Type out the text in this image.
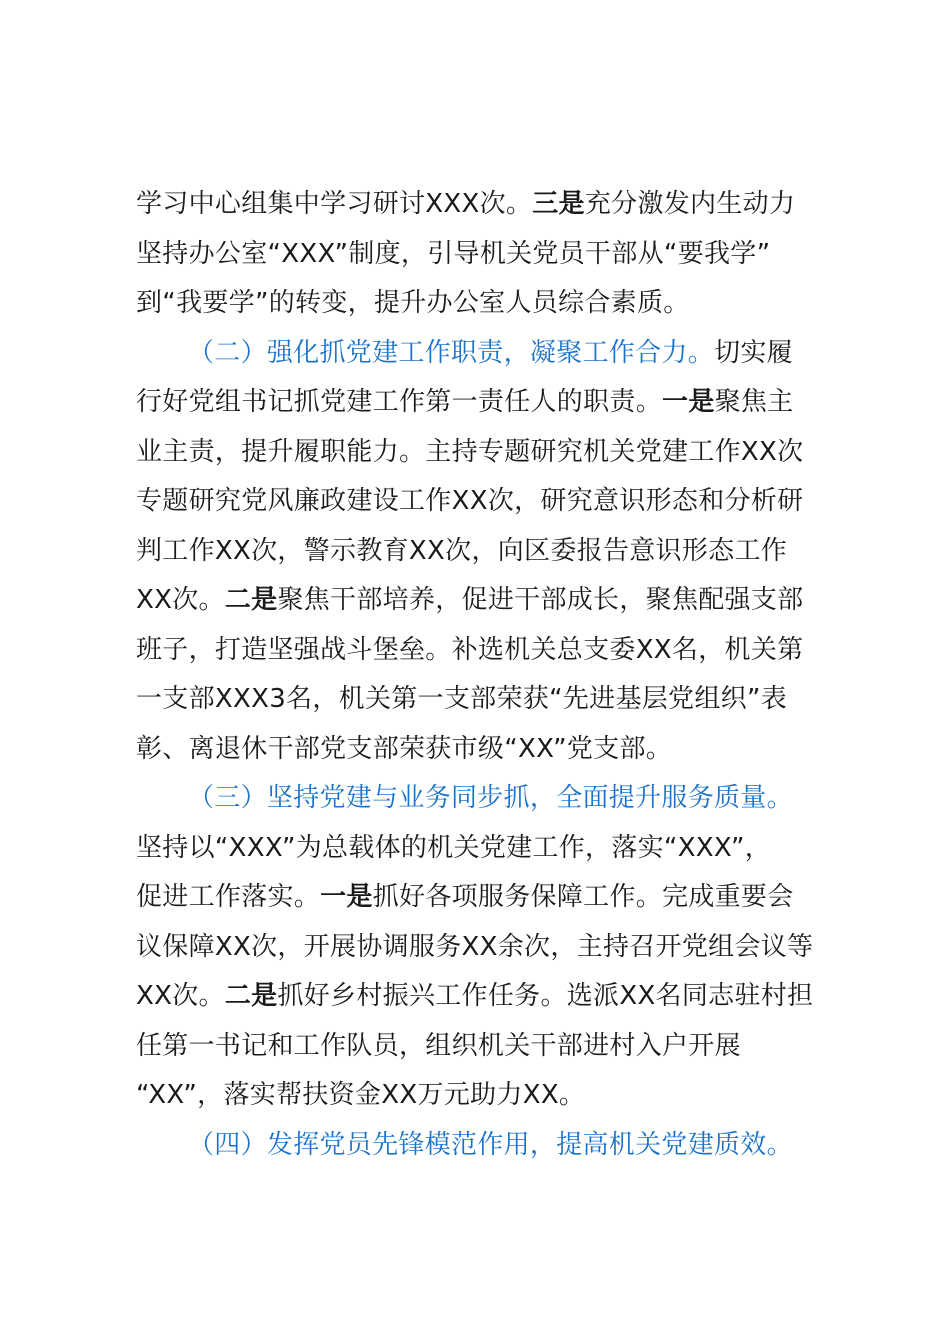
学习中心组集中学习研讨XXX次。三是充分激发内生动力
坚持办公室“XXX”制度，引导机关党员干部从“要我学”
到“我要学”的转变，提升办公室人员综合素质。
（二）强化抓党建工作职责，凝聚工作合力。切实履
行好党组书记抓党建工作第一责任人的职责。一是聚焦主
业主责，提升履职能力。主持专题研究机关党建工作XX次
专题研究党风廉政建设工作XX次，研究意识形态和分析研
判工作XX次，警示教育XX次，向区委报告意识形态工作
XX次。二是聚焦干部培养，促进干部成长，聚焦配强支部
班子，打造坚强战斗堡垒。补选机关总支委XX名，机关第
一支部XXX3名，机关第一支部荣获“先进基层党组织”表
彰、离退休干部党支部荣获市级“XX”党支部。
（三）坚持党建与业务同步抓，全面提升服务质量。
坚持以“XXX”为总载体的机关党建工作，落实“XXX”，
促进工作落实。一是抓好各项服务保障工作。完成重要会
议保障XX次，开展协调服务XX余次，主持召开党组会议等
XX次。二是抓好乡村振兴工作任务。选派XX名同志驻村担
任第一书记和工作队员，组织机关干部进村入户开展
“XX”，落实帮扶资金XX万元助力XX。
（四）发挥党员先锋模范作用，提高机关党建质效。
